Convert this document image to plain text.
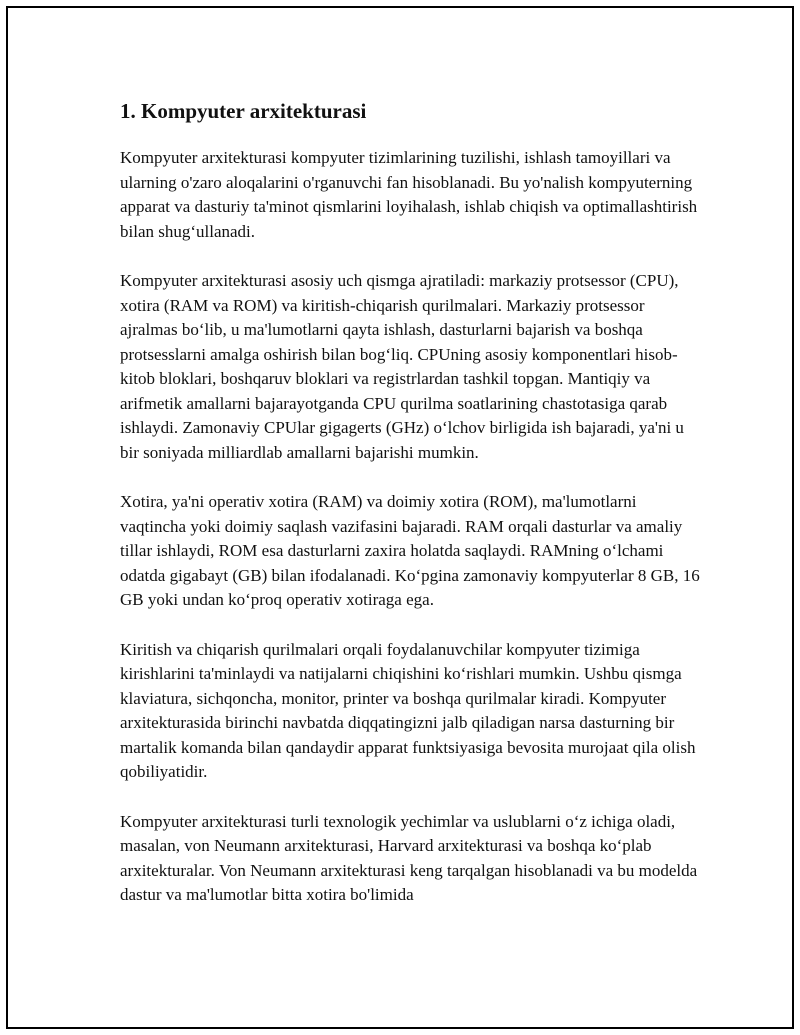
1. Kompyuter arxitekturasi

Kompyuter arxitekturasi kompyuter tizimlarining tuzilishi, ishlash tamoyillari va ularning o'zaro aloqalarini o'rganuvchi fan hisoblanadi. Bu yo'nalish kompyuterning apparat va dasturiy ta'minot qismlarini loyihalash, ishlab chiqish va optimallashtirish bilan shugʻullanadi.

Kompyuter arxitekturasi asosiy uch qismga ajratiladi: markaziy protsessor (CPU), xotira (RAM va ROM) va kiritish-chiqarish qurilmalari. Markaziy protsessor ajralmas boʻlib, u ma'lumotlarni qayta ishlash, dasturlarni bajarish va boshqa protsesslarni amalga oshirish bilan bogʻliq. CPUning asosiy komponentlari hisob-kitob bloklari, boshqaruv bloklari va registrlardan tashkil topgan. Mantiqiy va arifmetik amallarni bajarayotganda CPU qurilma soatlarining chastotasiga qarab ishlaydi. Zamonaviy CPUlar gigagerts (GHz) oʻlchov birligida ish bajaradi, ya'ni u bir soniyada milliardlab amallarni bajarishi mumkin.

Xotira, ya'ni operativ xotira (RAM) va doimiy xotira (ROM), ma'lumotlarni vaqtincha yoki doimiy saqlash vazifasini bajaradi. RAM orqali dasturlar va amaliy tillar ishlaydi, ROM esa dasturlarni zaxira holatda saqlaydi. RAMning oʻlchami odatda gigabayt (GB) bilan ifodalanadi. Koʻpgina zamonaviy kompyuterlar 8 GB, 16 GB yoki undan koʻproq operativ xotiraga ega.

Kiritish va chiqarish qurilmalari orqali foydalanuvchilar kompyuter tizimiga kirishlarini ta'minlaydi va natijalarni chiqishini koʻrishlari mumkin. Ushbu qismga klaviatura, sichqoncha, monitor, printer va boshqa qurilmalar kiradi. Kompyuter arxitekturasida birinchi navbatda diqqatingizni jalb qiladigan narsa dasturning bir martalik komanda bilan qandaydir apparat funktsiyasiga bevosita murojaat qila olish qobiliyatidir.

Kompyuter arxitekturasi turli texnologik yechimlar va uslublarni oʻz ichiga oladi, masalan, von Neumann arxitekturasi, Harvard arxitekturasi va boshqa koʻplab arxitekturalar. Von Neumann arxitekturasi keng tarqalgan hisoblanadi va bu modelda dastur va ma'lumotlar bitta xotira bo'limida
